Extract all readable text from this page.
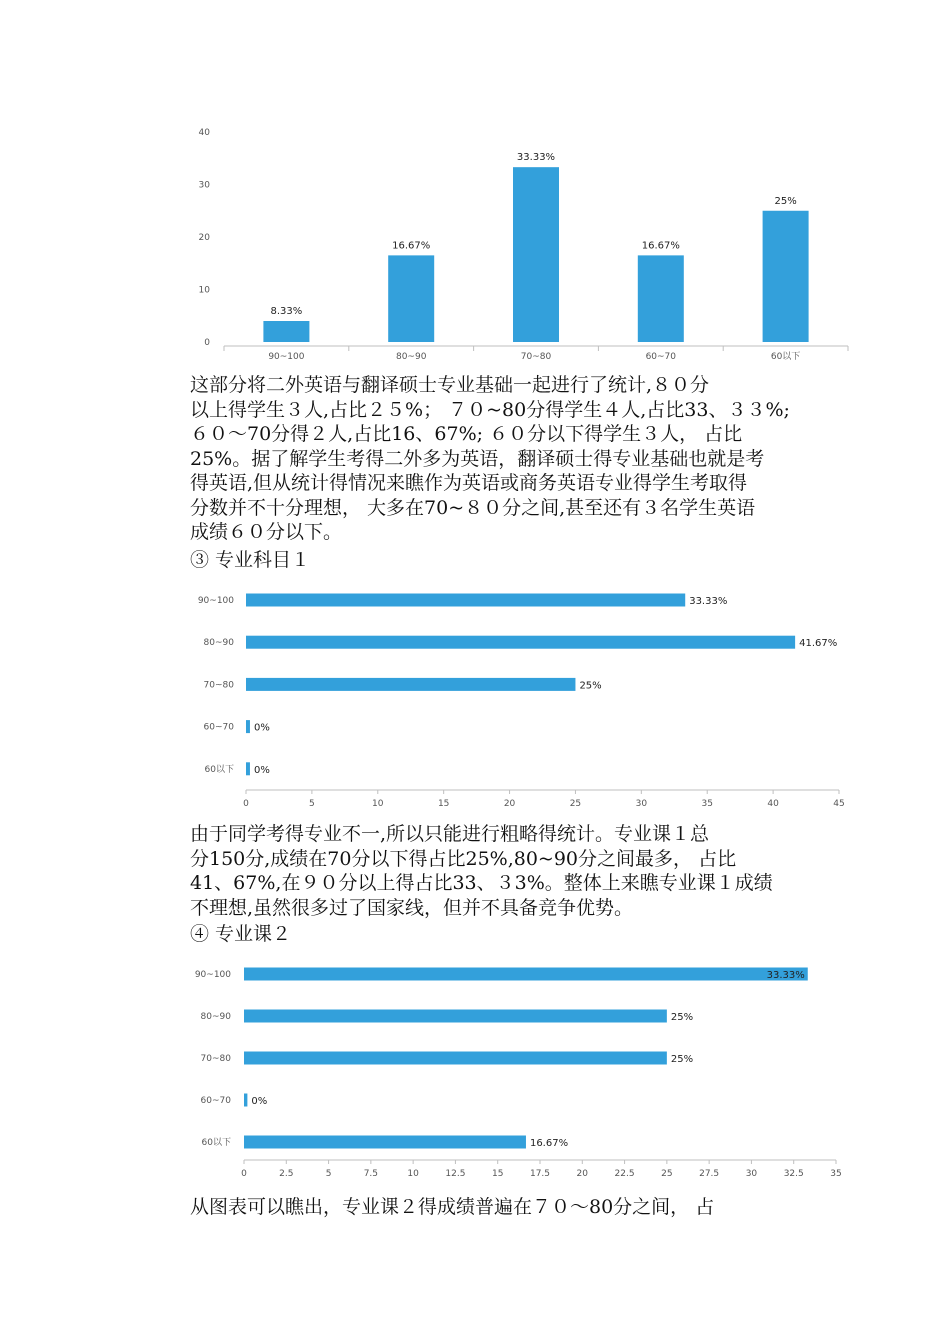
0
10
20
30
40
8.33%
90~100
16.67%
80~90
33.33%
70~80
16.67%
60~70
25%
60以下
这部分将二外英语与翻译硕士专业基础一起进行了统计,８０分
以上得学生３人,占比２５%； ７０~80分得学生４人,占比33、３３%;
６０～70分得２人,占比16、67%; ６０分以下得学生３人， 占比
25%。据了解学生考得二外多为英语，翻译硕士得专业基础也就是考
得英语,但从统计得情况来瞧作为英语或商务英语专业得学生考取得
分数并不十分理想， 大多在70~８０分之间,甚至还有３名学生英语
成绩６０分以下。

③ 专业科目１

0	5	10	15	20	25	30	35	40	45
90~100	33.33%
80~90	41.67%
70~80	25%
60~70 0%
60以下 0%
由于同学考得专业不一,所以只能进行粗略得统计。专业课１总
分150分,成绩在70分以下得占比25%,80~90分之间最多， 占比
41、67%,在９０分以上得占比33、３3%。整体上来瞧专业课１成绩
不理想,虽然很多过了国家线，但并不具备竞争优势。

④ 专业课２

0	2.5	5	7.5	10	12.5	15	17.5	20	22.5	25	27.5	30	32.5	35
90~100	33.33%
80~90	25%
70~80	25%
60~70 0%
60以下	16.67%
从图表可以瞧出，专业课２得成绩普遍在７０～80分之间， 占
